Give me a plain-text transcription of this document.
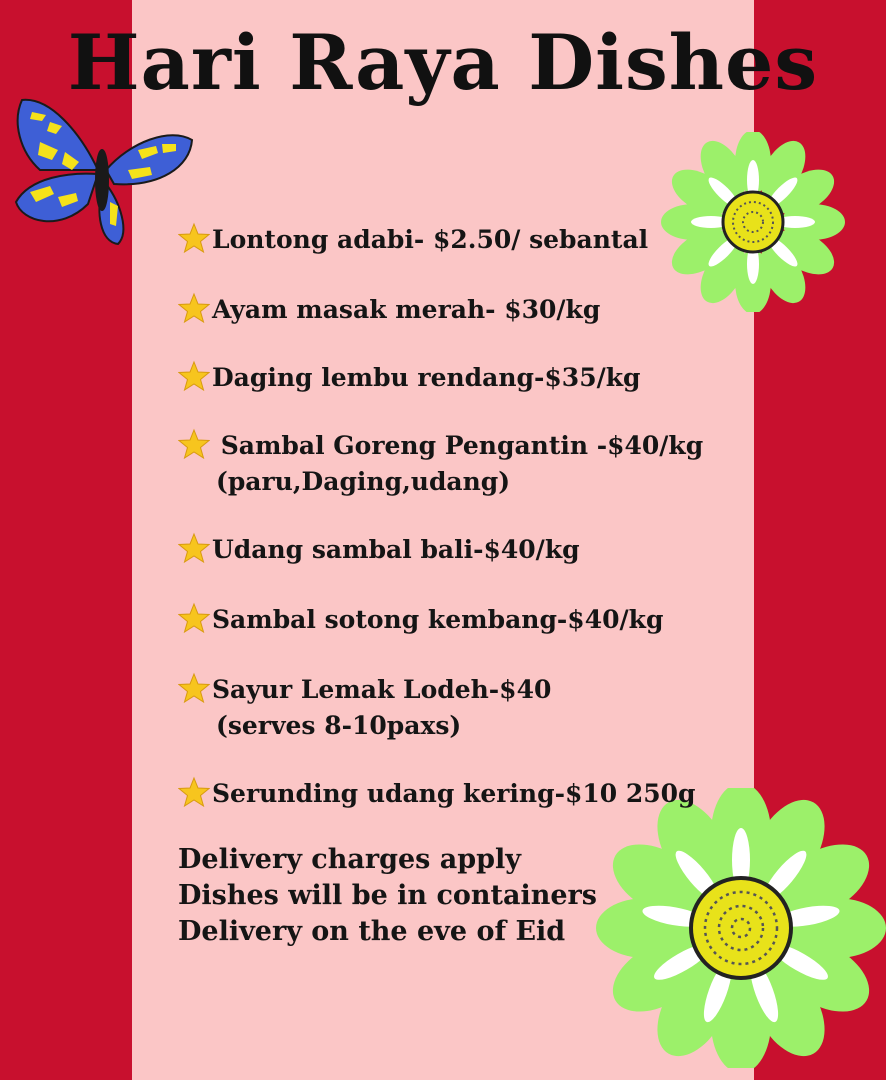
Hari Raya Dishes
Lontong adabi- $2.50/ sebantal
Ayam masak merah- $30/kg
Daging lembu rendang-$35/kg
Sambal Goreng Pengantin -$40/kg
(paru,Daging,udang)
Udang sambal bali-$40/kg
Sambal sotong kembang-$40/kg
Sayur Lemak Lodeh-$40
(serves 8-10paxs)
Serunding udang kering-$10 250g
Delivery charges apply
Dishes will be in containers
Delivery on the eve of Eid
